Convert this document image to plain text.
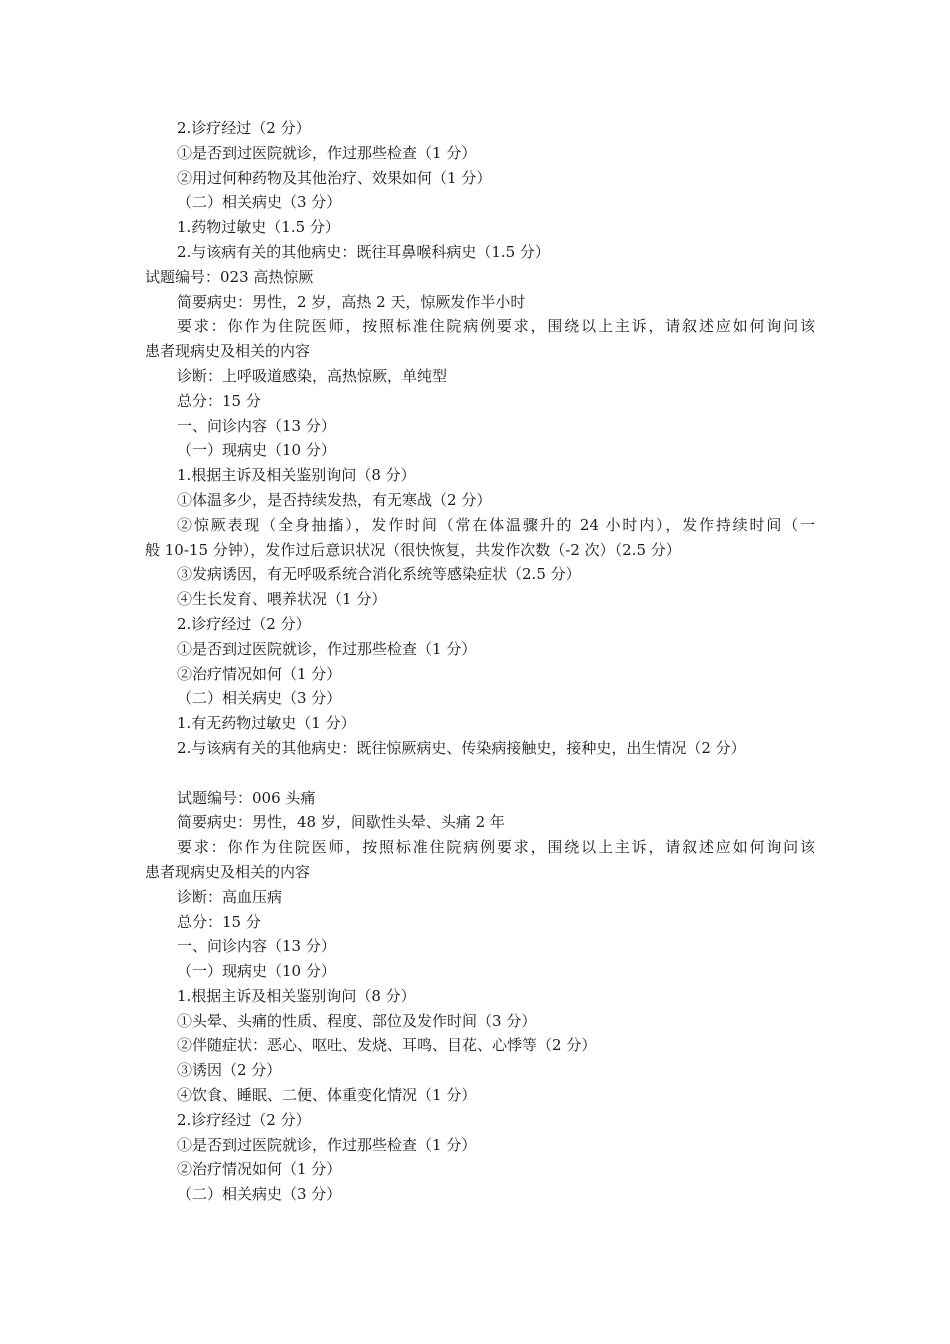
2.诊疗经过（2 分）
①是否到过医院就诊，作过那些检查（1 分）
②用过何种药物及其他治疗、效果如何（1 分）
（二）相关病史（3 分）
1.药物过敏史（1.5 分）
2.与该病有关的其他病史：既往耳鼻喉科病史（1.5 分）
试题编号：023 高热惊厥
简要病史：男性，2 岁，高热 2 天，惊厥发作半小时
要求：你作为住院医师，按照标准住院病例要求，围绕以上主诉，请叙述应如何询问该
患者现病史及相关的内容
诊断：上呼吸道感染，高热惊厥，单纯型
总分：15 分
一、问诊内容（13 分）
（一）现病史（10 分）
1.根据主诉及相关鉴别询问（8 分）
①体温多少，是否持续发热，有无寒战（2 分）
②惊厥表现（全身抽搐），发作时间（常在体温骤升的 24 小时内），发作持续时间（一
般 10-15 分钟），发作过后意识状况（很快恢复，共发作次数（-2 次）（2.5 分）
③发病诱因，有无呼吸系统合消化系统等感染症状（2.5 分）
④生长发育、喂养状况（1 分）
2.诊疗经过（2 分）
①是否到过医院就诊，作过那些检查（1 分）
②治疗情况如何（1 分）
（二）相关病史（3 分）
1.有无药物过敏史（1 分）
2.与该病有关的其他病史：既往惊厥病史、传染病接触史，接种史，出生情况（2 分）
试题编号：006 头痛
简要病史：男性，48 岁，间歇性头晕、头痛 2 年
要求：你作为住院医师，按照标准住院病例要求，围绕以上主诉，请叙述应如何询问该
患者现病史及相关的内容
诊断：高血压病
总分：15 分
一、问诊内容（13 分）
（一）现病史（10 分）
1.根据主诉及相关鉴别询问（8 分）
①头晕、头痛的性质、程度、部位及发作时间（3 分）
②伴随症状：恶心、呕吐、发烧、耳鸣、目花、心悸等（2 分）
③诱因（2 分）
④饮食、睡眠、二便、体重变化情况（1 分）
2.诊疗经过（2 分）
①是否到过医院就诊，作过那些检查（1 分）
②治疗情况如何（1 分）
（二）相关病史（3 分）
